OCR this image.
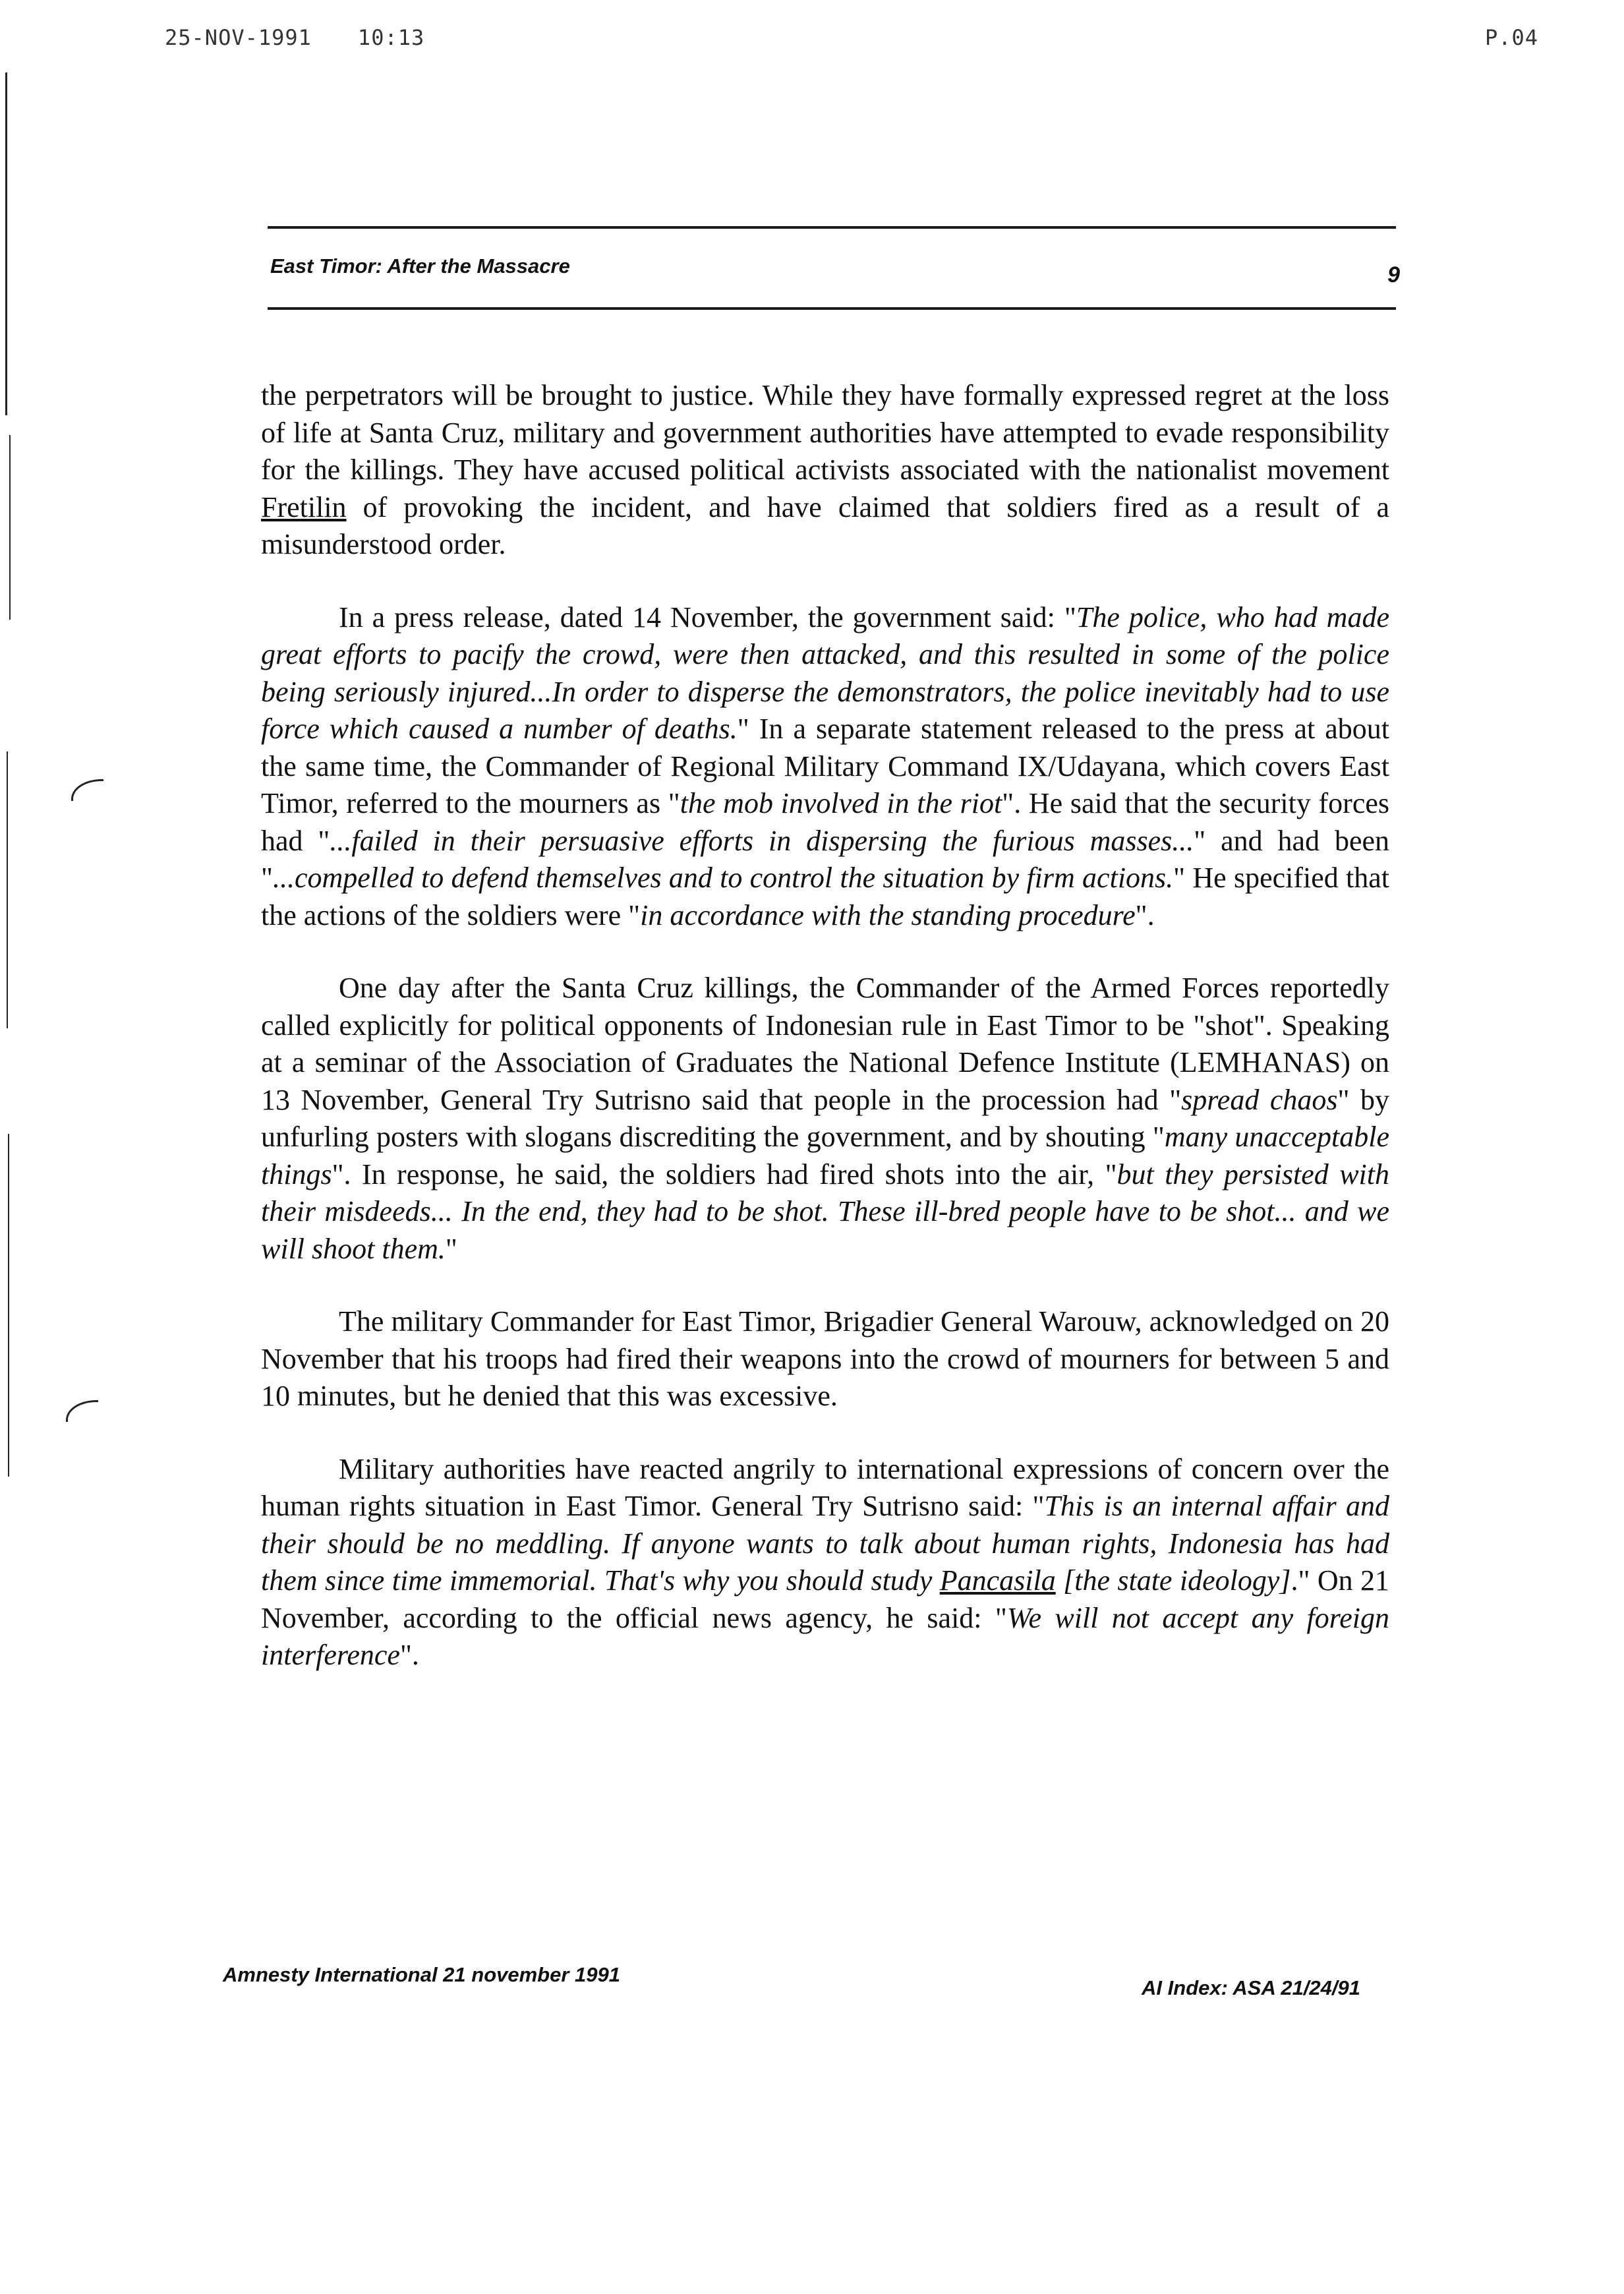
25-NOV-1991 10:13	P.04
East Timor: After the Massacre	9

the perpetrators will be brought to justice. While they have formally expressed regret at the loss of life at Santa Cruz, military and government authorities have attempted to evade responsibility for the killings. They have accused political activists associated with the nationalist movement Fretilin of provoking the incident, and have claimed that soldiers fired as a result of a misunderstood order.

In a press release, dated 14 November, the government said: "The police, who had made great efforts to pacify the crowd, were then attacked, and this resulted in some of the police being seriously injured...In order to disperse the demonstrators, the police inevitably had to use force which caused a number of deaths." In a separate statement released to the press at about the same time, the Commander of Regional Military Command IX/Udayana, which covers East Timor, referred to the mourners as "the mob involved in the riot". He said that the security forces had "...failed in their persuasive efforts in dispersing the furious masses..." and had been "...compelled to defend themselves and to control the situation by firm actions." He specified that the actions of the soldiers were "in accordance with the standing procedure".

One day after the Santa Cruz killings, the Commander of the Armed Forces reportedly called explicitly for political opponents of Indonesian rule in East Timor to be "shot". Speaking at a seminar of the Association of Graduates the National Defence Institute (LEMHANAS) on 13 November, General Try Sutrisno said that people in the procession had "spread chaos" by unfurling posters with slogans discrediting the government, and by shouting "many unacceptable things". In response, he said, the soldiers had fired shots into the air, "but they persisted with their misdeeds... In the end, they had to be shot. These ill-bred people have to be shot... and we will shoot them."

The military Commander for East Timor, Brigadier General Warouw, acknowledged on 20 November that his troops had fired their weapons into the crowd of mourners for between 5 and 10 minutes, but he denied that this was excessive.

Military authorities have reacted angrily to international expressions of concern over the human rights situation in East Timor. General Try Sutrisno said: "This is an internal affair and their should be no meddling. If anyone wants to talk about human rights, Indonesia has had them since time immemorial. That's why you should study Pancasila [the state ideology]." On 21 November, according to the official news agency, he said: "We will not accept any foreign interference".

Amnesty International 21 november 1991
AI Index: ASA 21/24/91
